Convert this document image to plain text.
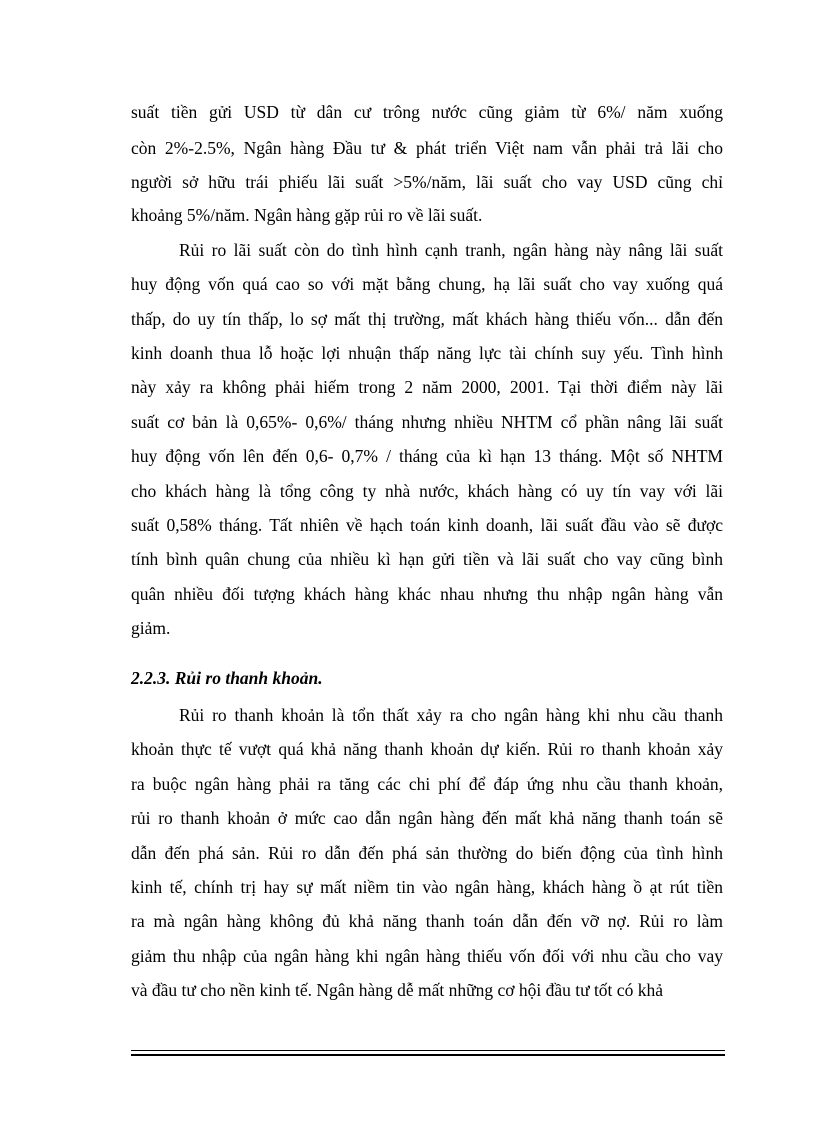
suất tiền gửi USD từ dân cư trông nước cũng giảm từ 6%/ năm xuống
còn 2%-2.5%, Ngân hàng Đầu tư & phát triển Việt nam vẫn phải trả lãi cho
người sở hữu trái phiếu lãi suất >5%/năm, lãi suất cho vay USD cũng chỉ
khoảng 5%/năm. Ngân hàng gặp rủi ro về lãi suất.
Rủi ro lãi suất còn do tình hình cạnh tranh, ngân hàng này nâng lãi suất
huy động vốn quá cao so với mặt bằng chung, hạ lãi suất cho vay xuống quá
thấp, do uy tín thấp, lo sợ mất thị trường, mất khách hàng thiếu vốn... dẫn đến
kinh doanh thua lỗ hoặc lợi nhuận thấp năng lực tài chính suy yếu. Tình hình
này xảy ra không phải hiếm trong 2 năm 2000, 2001. Tại thời điểm này lãi
suất cơ bản là 0,65%- 0,6%/ tháng nhưng nhiều NHTM cổ phần nâng lãi suất
huy động vốn lên đến 0,6- 0,7% / tháng của kì hạn 13 tháng. Một số NHTM
cho khách hàng là tổng công ty nhà nước, khách hàng có uy tín vay với lãi
suất 0,58% tháng. Tất nhiên về hạch toán kinh doanh, lãi suất đầu vào sẽ được
tính bình quân chung của nhiều kì hạn gửi tiền và lãi suất cho vay cũng bình
quân nhiều đối tượng khách hàng khác nhau nhưng thu nhập ngân hàng vẫn
giảm.
2.2.3. Rủi ro thanh khoản.
Rủi ro thanh khoản là tổn thất xảy ra cho ngân hàng khi nhu cầu thanh
khoản thực tế vượt quá khả năng thanh khoản dự kiến. Rủi ro thanh khoản xảy
ra buộc ngân hàng phải ra tăng các chi phí để đáp ứng nhu cầu thanh khoản,
rủi ro thanh khoản ở mức cao dẫn ngân hàng đến mất khả năng thanh toán sẽ
dẫn đến phá sản. Rủi ro dẫn đến phá sản thường do biến động của tình hình
kinh tế, chính trị hay sự mất niềm tin vào ngân hàng, khách hàng ồ ạt rút tiền
ra mà ngân hàng không đủ khả năng thanh toán dẫn đến vỡ nợ. Rủi ro làm
giảm thu nhập của ngân hàng khi ngân hàng thiếu vốn đối với nhu cầu cho vay
và đầu tư cho nền kinh tế. Ngân hàng dễ mất những cơ hội đầu tư tốt có khả
